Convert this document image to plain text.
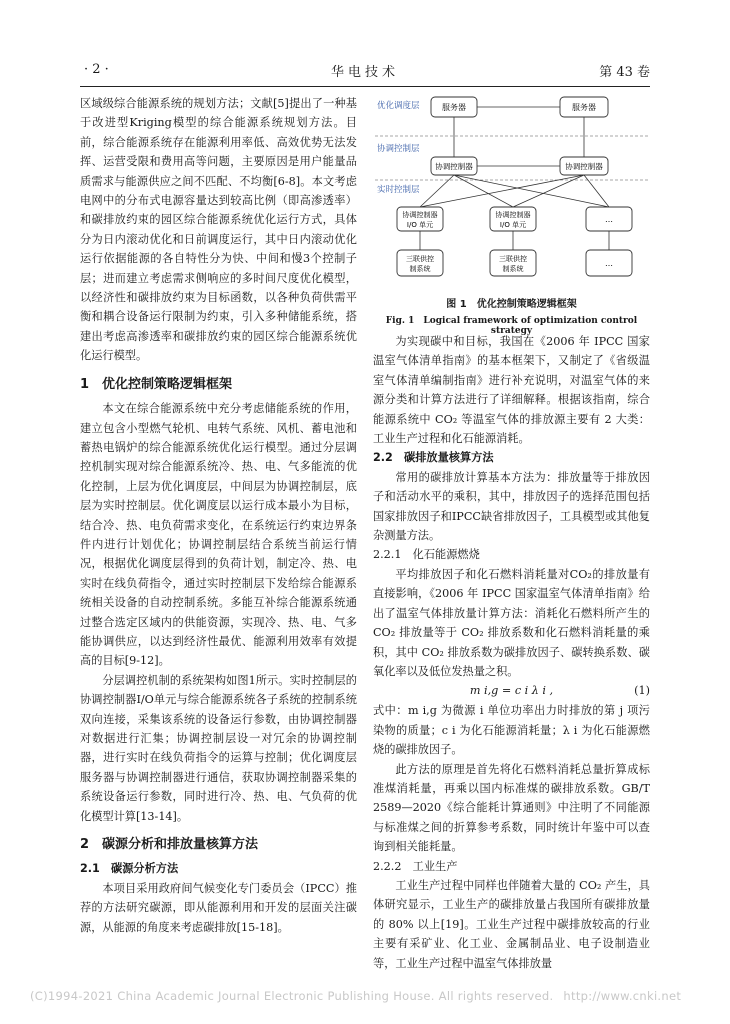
· 2 ·	华电技术	第 43 卷

区域级综合能源系统的规划方法；文献[5]提出了一种基于改进型Kriging模型的综合能源系统规划方法。目前，综合能源系统存在能源利用率低、高效优势无法发挥、运营受限和费用高等问题，主要原因是用户能量品质需求与能源供应之间不匹配、不均衡[6-8]。本文考虑电网中的分布式电源容量达到较高比例（即高渗透率）和碳排放约束的园区综合能源系统优化运行方式，具体分为日内滚动优化和日前调度运行，其中日内滚动优化运行依据能源的各自特性分为快、中间和慢3个控制子层；进而建立考虑需求侧响应的多时间尺度优化模型，以经济性和碳排放约束为目标函数，以各种负荷供需平衡和耦合设备运行限制为约束，引入多种储能系统，搭建出考虑高渗透率和碳排放约束的园区综合能源系统优化运行模型。

1　优化控制策略逻辑框架

本文在综合能源系统中充分考虑储能系统的作用，建立包含小型燃气轮机、电转气系统、风机、蓄电池和蓄热电锅炉的综合能源系统优化运行模型。通过分层调控机制实现对综合能源系统冷、热、电、气多能流的优化控制，上层为优化调度层，中间层为协调控制层，底层为实时控制层。优化调度层以运行成本最小为目标，结合冷、热、电负荷需求变化，在系统运行约束边界条件内进行计划优化；协调控制层结合系统当前运行情况，根据优化调度层得到的负荷计划，制定冷、热、电实时在线负荷指令，通过实时控制层下发给综合能源系统相关设备的自动控制系统。多能互补综合能源系统通过整合选定区域内的供能资源，实现冷、热、电、气多能协调供应，以达到经济性最优、能源利用效率有效提高的目标[9-12]。

分层调控机制的系统架构如图1所示。实时控制层的协调控制器I/O单元与综合能源系统各子系统的控制系统双向连接，采集该系统的设备运行参数，由协调控制器对数据进行汇集；协调控制层设一对冗余的协调控制器，进行实时在线负荷指令的运算与控制；优化调度层服务器与协调控制器进行通信，获取协调控制器采集的系统设备运行参数，同时进行冷、热、电、气负荷的优化模型计算[13-14]。

2　碳源分析和排放量核算方法
2.1　碳源分析方法

本项目采用政府间气候变化专门委员会（IPCC）推荐的方法研究碳源，即从能源利用和开发的层面关注碳源，从能源的角度来考虑碳排放[15-18]。

优化调度层
协调控制层
实时控制层
服务器	服务器
协调控制器	协调控制器
协调控制器
I/O 单元
协调控制器
I/O 单元
…
三联供控
制系统
三联供控
制系统
…
图 1　优化控制策略逻辑框架
Fig. 1　Logical framework of optimization control strategy

为实现碳中和目标，我国在《2006 年 IPCC 国家温室气体清单指南》的基本框架下，又制定了《省级温室气体清单编制指南》进行补充说明，对温室气体的来源分类和计算方法进行了详细解释。根据该指南，综合能源系统中 CO₂ 等温室气体的排放源主要有 2 大类：工业生产过程和化石能源消耗。

2.2　碳排放量核算方法

常用的碳排放计算基本方法为：排放量等于排放因子和活动水平的乘积，其中，排放因子的选择范围包括国家排放因子和IPCC缺省排放因子，工具模型或其他复杂测量方法。

2.2.1　化石能源燃烧

平均排放因子和化石燃料消耗量对CO₂的排放量有直接影响，《2006 年 IPCC 国家温室气体清单指南》给出了温室气体排放量计算方法：消耗化石燃料所产生的 CO₂ 排放量等于 CO₂ 排放系数和化石燃料消耗量的乘积，其中 CO₂ 排放系数为碳排放因子、碳转换系数、碳氧化率以及低位发热量之积。

m i,g = c i λ i ,	(1)

式中：m i,g 为微源 i 单位功率出力时排放的第 j 项污染物的质量；c i 为化石能源消耗量；λ i 为化石能源燃烧的碳排放因子。

此方法的原理是首先将化石燃料消耗总量折算成标准煤消耗量，再乘以国内标准煤的碳排放系数。GB/T 2589—2020《综合能耗计算通则》中注明了不同能源与标准煤之间的折算参考系数，同时统计年鉴中可以查询到相关能耗量。

2.2.2　工业生产

工业生产过程中同样也伴随着大量的 CO₂ 产生，具体研究显示，工业生产的碳排放量占我国所有碳排放量的 80% 以上[19]。工业生产过程中碳排放较高的行业主要有采矿业、化工业、金属制品业、电子设制造业等，工业生产过程中温室气体排放量

(C)1994-2021 China Academic Journal Electronic Publishing House. All rights reserved. http://www.cnki.net
